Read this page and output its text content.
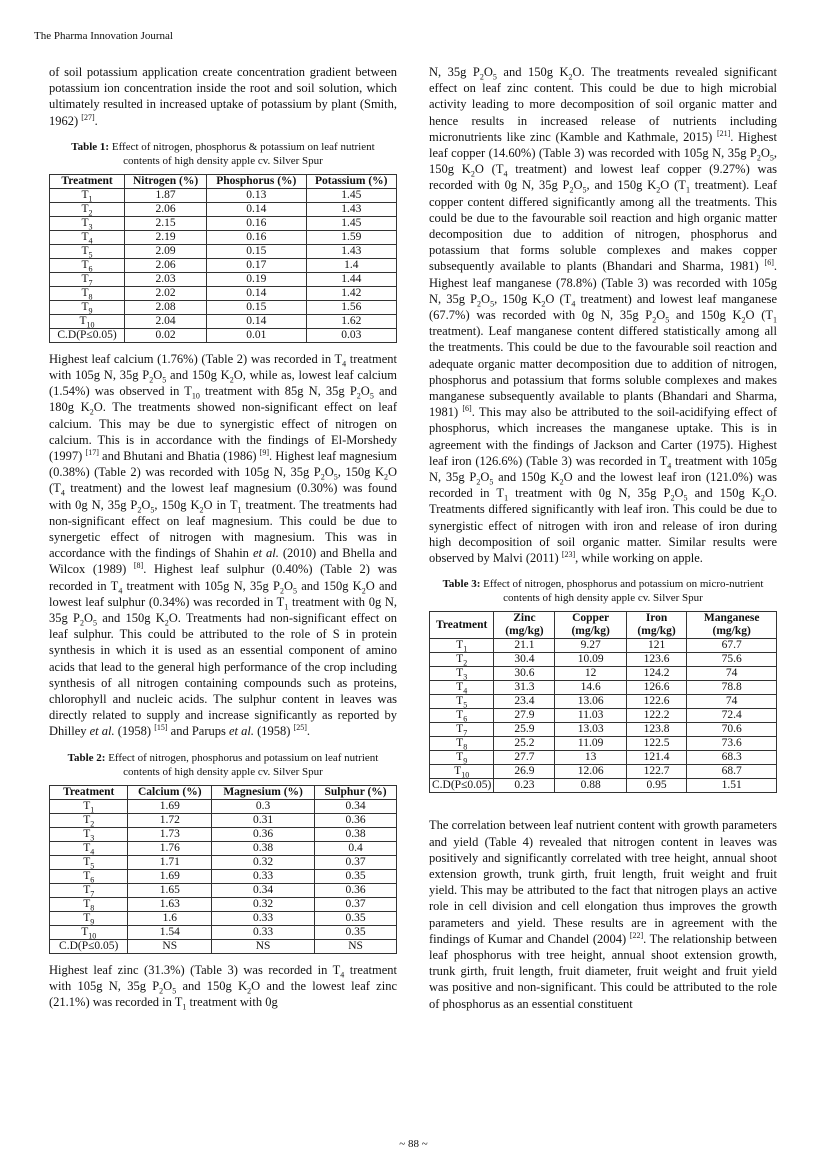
The Pharma Innovation Journal

of soil potassium application create concentration gradient between potassium ion concentration inside the root and soil solution, which ultimately resulted in increased uptake of potassium by plant (Smith, 1962) [27].

Table 1: Effect of nitrogen, phosphorus & potassium on leaf nutrient contents of high density apple cv. Silver Spur
Treatment	Nitrogen (%)	Phosphorus (%)	Potassium (%)
$T_1$	1.87	0.13	1.45
$T_2$	2.06	0.14	1.43
$T_3$	2.15	0.16	1.45
$T_4$	2.19	0.16	1.59
$T_5$	2.09	0.15	1.43
$T_6$	2.06	0.17	1.4
$T_7$	2.03	0.19	1.44
$T_8$	2.02	0.14	1.42
$T_9$	2.08	0.15	1.56
$T_{10}$	2.04	0.14	1.62
C.D(P≤0.05)	0.02	0.01	0.03

Highest leaf calcium (1.76%) (Table 2) was recorded in $T_4$ treatment with 105g N, 35g $P_2O_5$ and 150g $K_2O$, while as, lowest leaf calcium (1.54%) was observed in $T_{10}$ treatment with 85g N, 35g $P_2O_5$ and 180g $K_2O$. The treatments showed non-significant effect on leaf calcium. This may be due to synergistic effect of nitrogen on calcium. This is in accordance with the findings of El-Morshedy (1997) [17] and Bhutani and Bhatia (1986) [9]. Highest leaf magnesium (0.38%) (Table 2) was recorded with 105g N, 35g $P_2O_5$, 150g $K_2O$ ($T_4$ treatment) and the lowest leaf magnesium (0.30%) was found with 0g N, 35g $P_2O_5$, 150g $K_2O$ in $T_1$ treatment. The treatments had non-significant effect on leaf magnesium. This could be due to synergetic effect of nitrogen with magnesium. This was in accordance with the findings of Shahin et al. (2010) and Bhella and Wilcox (1989) [8]. Highest leaf sulphur (0.40%) (Table 2) was recorded in $T_4$ treatment with 105g N, 35g $P_2O_5$ and 150g $K_2O$ and lowest leaf sulphur (0.34%) was recorded in $T_1$ treatment with 0g N, 35g $P_2O_5$ and 150g $K_2O$. Treatments had non-significant effect on leaf sulphur. This could be attributed to the role of S in protein synthesis in which it is used as an essential component of amino acids that lead to the general high performance of the crop including synthesis of all nitrogen containing compounds such as proteins, chlorophyll and nucleic acids. The sulphur content in leaves was directly related to supply and increase significantly as reported by Dhilley et al. (1958) [15] and Parups et al. (1958) [25].

Table 2: Effect of nitrogen, phosphorus and potassium on leaf nutrient contents of high density apple cv. Silver Spur
Treatment	Calcium (%)	Magnesium (%)	Sulphur (%)
$T_1$	1.69	0.3	0.34
$T_2$	1.72	0.31	0.36
$T_3$	1.73	0.36	0.38
$T_4$	1.76	0.38	0.4
$T_5$	1.71	0.32	0.37
$T_6$	1.69	0.33	0.35
$T_7$	1.65	0.34	0.36
$T_8$	1.63	0.32	0.37
$T_9$	1.6	0.33	0.35
$T_{10}$	1.54	0.33	0.35
C.D(P≤0.05)	NS	NS	NS

Highest leaf zinc (31.3%) (Table 3) was recorded in $T_4$ treatment with 105g N, 35g $P_2O_5$ and 150g $K_2O$ and the lowest leaf zinc (21.1%) was recorded in $T_1$ treatment with 0g

N, 35g $P_2O_5$ and 150g $K_2O$. The treatments revealed significant effect on leaf zinc content. This could be due to high microbial activity leading to more decomposition of soil organic matter and hence results in increased release of nutrients including micronutrients like zinc (Kamble and Kathmale, 2015) [21]. Highest leaf copper (14.60%) (Table 3) was recorded with 105g N, 35g $P_2O_5$, 150g $K_2O$ ($T_4$ treatment) and lowest leaf copper (9.27%) was recorded with 0g N, 35g $P_2O_5$, and 150g $K_2O$ ($T_1$ treatment). Leaf copper content differed significantly among all the treatments. This could be due to the favourable soil reaction and high organic matter decomposition due to addition of nitrogen, phosphorus and potassium that forms soluble complexes and makes copper subsequently available to plants (Bhandari and Sharma, 1981) [6]. Highest leaf manganese (78.8%) (Table 3) was recorded with 105g N, 35g $P_2O_5$, 150g $K_2O$ ($T_4$ treatment) and lowest leaf manganese (67.7%) was recorded with 0g N, 35g $P_2O_5$ and 150g $K_2O$ ($T_1$ treatment). Leaf manganese content differed statistically among all the treatments. This could be due to the favourable soil reaction and adequate organic matter decomposition due to addition of nitrogen, phosphorus and potassium that forms soluble complexes and makes manganese subsequently available to plants (Bhandari and Sharma, 1981) [6]. This may also be attributed to the soil-acidifying effect of phosphorus, which increases the manganese uptake. This is in agreement with the findings of Jackson and Carter (1975). Highest leaf iron (126.6%) (Table 3) was recorded in $T_4$ treatment with 105g N, 35g $P_2O_5$ and 150g $K_2O$ and the lowest leaf iron (121.0%) was recorded in $T_1$ treatment with 0g N, 35g $P_2O_5$ and 150g $K_2O$. Treatments differed significantly with leaf iron. This could be due to synergistic effect of nitrogen with iron and release of iron during high decomposition of soil organic matter. Similar results were observed by Malvi (2011) [23], while working on apple.

Table 3: Effect of nitrogen, phosphorus and potassium on micro-nutrient contents of high density apple cv. Silver Spur
Treatment	Zinc (mg/kg)	Copper (mg/kg)	Iron (mg/kg)	Manganese (mg/kg)
$T_1$	21.1	9.27	121	67.7
$T_2$	30.4	10.09	123.6	75.6
$T_3$	30.6	12	124.2	74
$T_4$	31.3	14.6	126.6	78.8
$T_5$	23.4	13.06	122.6	74
$T_6$	27.9	11.03	122.2	72.4
$T_7$	25.9	13.03	123.8	70.6
$T_8$	25.2	11.09	122.5	73.6
$T_9$	27.7	13	121.4	68.3
$T_{10}$	26.9	12.06	122.7	68.7
C.D(P≤0.05)	0.23	0.88	0.95	1.51

The correlation between leaf nutrient content with growth parameters and yield (Table 4) revealed that nitrogen content in leaves was positively and significantly correlated with tree height, annual shoot extension growth, trunk girth, fruit length, fruit weight and fruit yield. This may be attributed to the fact that nitrogen plays an active role in cell division and cell elongation thus improves the growth parameters and yield. These results are in agreement with the findings of Kumar and Chandel (2004) [22]. The relationship between leaf phosphorus with tree height, annual shoot extension growth, trunk girth, fruit length, fruit diameter, fruit weight and fruit yield was positive and non-significant. This could be attributed to the role of phosphorus as an essential constituent

~ 88 ~
